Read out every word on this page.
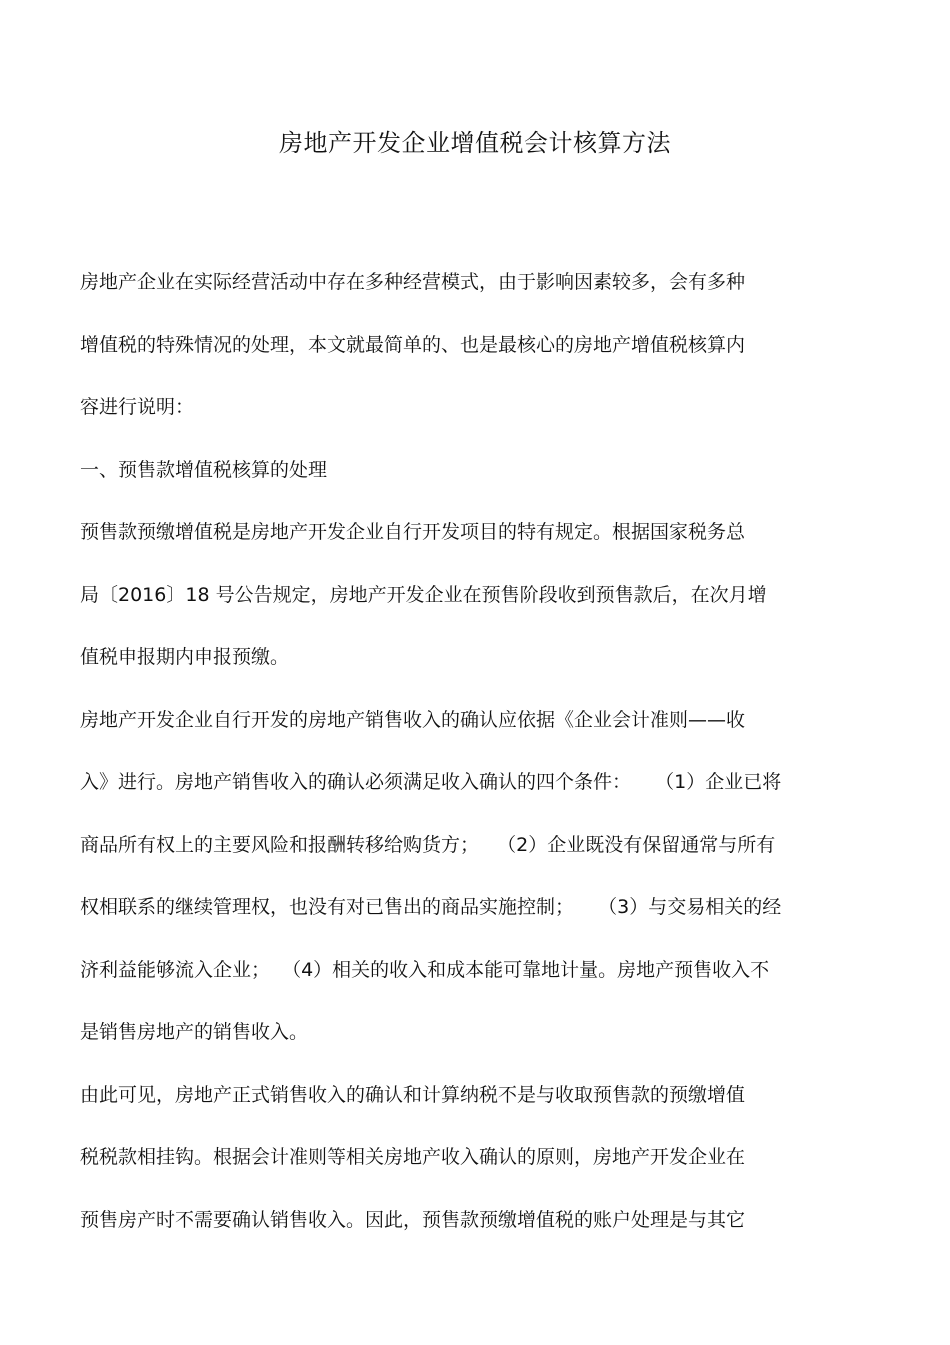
房地产开发企业增值税会计核算方法

房地产企业在实际经营活动中存在多种经营模式，由于影响因素较多，会有多种

增值税的特殊情况的处理，本文就最简单的、也是最核心的房地产增值税核算内

容进行说明：

一、预售款增值税核算的处理

预售款预缴增值税是房地产开发企业自行开发项目的特有规定。根据国家税务总

局〔2016〕18 号公告规定，房地产开发企业在预售阶段收到预售款后，在次月增

值税申报期内申报预缴。

房地产开发企业自行开发的房地产销售收入的确认应依据《企业会计准则——收

入》进行。房地产销售收入的确认必须满足收入确认的四个条件：    （1）企业已将

商品所有权上的主要风险和报酬转移给购货方；   （2）企业既没有保留通常与所有

权相联系的继续管理权，也没有对已售出的商品实施控制；    （3）与交易相关的经

济利益能够流入企业；  （4）相关的收入和成本能可靠地计量。房地产预售收入不

是销售房地产的销售收入。

由此可见，房地产正式销售收入的确认和计算纳税不是与收取预售款的预缴增值

税税款相挂钩。根据会计准则等相关房地产收入确认的原则，房地产开发企业在

预售房产时不需要确认销售收入。因此，预售款预缴增值税的账户处理是与其它
